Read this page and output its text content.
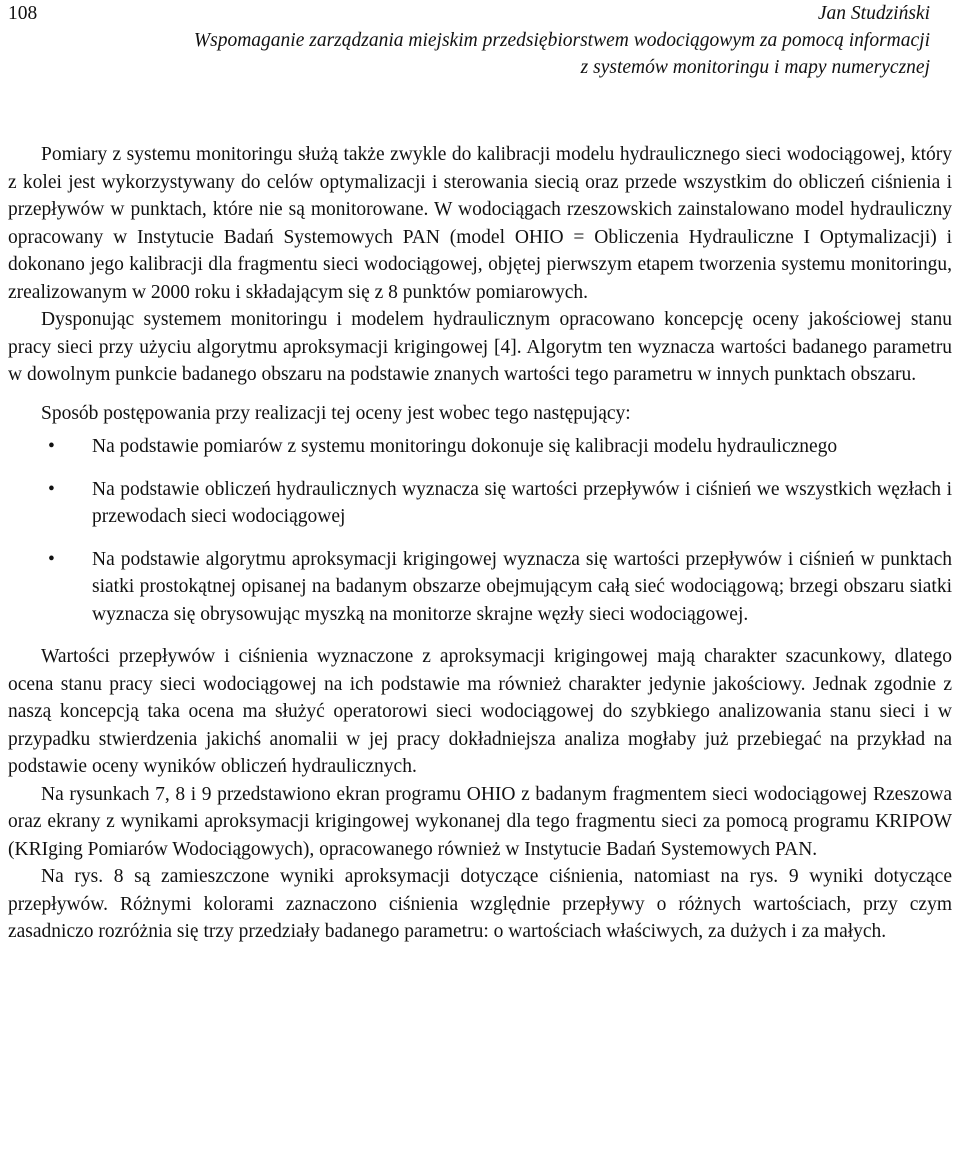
108	Jan Studziński
Wspomaganie zarządzania miejskim przedsiębiorstwem wodociągowym za pomocą informacji
z systemów monitoringu i mapy numerycznej

Pomiary z systemu monitoringu służą także zwykle do kalibracji modelu hydraulicznego sieci wodociągowej, który z kolei jest wykorzystywany do celów optymalizacji i sterowania siecią oraz przede wszystkim do obliczeń ciśnienia i przepływów w punktach, które nie są monitorowane. W wodociągach rzeszowskich zainstalowano model hydrauliczny opracowany w Instytucie Badań Systemowych PAN (model OHIO = Obliczenia Hydrauliczne I Optymalizacji) i dokonano jego kalibracji dla fragmentu sieci wodociągowej, objętej pierwszym etapem tworzenia systemu monitoringu, zrealizowanym w 2000 roku i składającym się z 8 punktów pomiarowych.

Dysponując systemem monitoringu i modelem hydraulicznym opracowano koncepcję oceny jakościowej stanu pracy sieci przy użyciu algorytmu aproksymacji krigingowej [4]. Algorytm ten wyznacza wartości badanego parametru w dowolnym punkcie badanego obszaru na podstawie znanych wartości tego parametru w innych punktach obszaru.

Sposób postępowania przy realizacji tej oceny jest wobec tego następujący:

• Na podstawie pomiarów z systemu monitoringu dokonuje się kalibracji modelu hydraulicznego
• Na podstawie obliczeń hydraulicznych wyznacza się wartości przepływów i ciśnień we wszystkich węzłach i przewodach sieci wodociągowej
• Na podstawie algorytmu aproksymacji krigingowej wyznacza się wartości przepływów i ciśnień w punktach siatki prostokątnej opisanej na badanym obszarze obejmującym całą sieć wodociągową; brzegi obszaru siatki wyznacza się obrysowując myszką na monitorze skrajne węzły sieci wodociągowej.

Wartości przepływów i ciśnienia wyznaczone z aproksymacji krigingowej mają charakter szacunkowy, dlatego ocena stanu pracy sieci wodociągowej na ich podstawie ma również charakter jedynie jakościowy. Jednak zgodnie z naszą koncepcją taka ocena ma służyć operatorowi sieci wodociągowej do szybkiego analizowania stanu sieci i w przypadku stwierdzenia jakichś anomalii w jej pracy dokładniejsza analiza mogłaby już przebiegać na przykład na podstawie oceny wyników obliczeń hydraulicznych.

Na rysunkach 7, 8 i 9 przedstawiono ekran programu OHIO z badanym fragmentem sieci wodociągowej Rzeszowa oraz ekrany z wynikami aproksymacji krigingowej wykonanej dla tego fragmentu sieci za pomocą programu KRIPOW (KRIging Pomiarów Wodociągowych), opracowanego również w Instytucie Badań Systemowych PAN.

Na rys. 8 są zamieszczone wyniki aproksymacji dotyczące ciśnienia, natomiast na rys. 9 wyniki dotyczące przepływów. Różnymi kolorami zaznaczono ciśnienia względnie przepływy o różnych wartościach, przy czym zasadniczo rozróżnia się trzy przedziały badanego parametru: o wartościach właściwych, za dużych i za małych.
